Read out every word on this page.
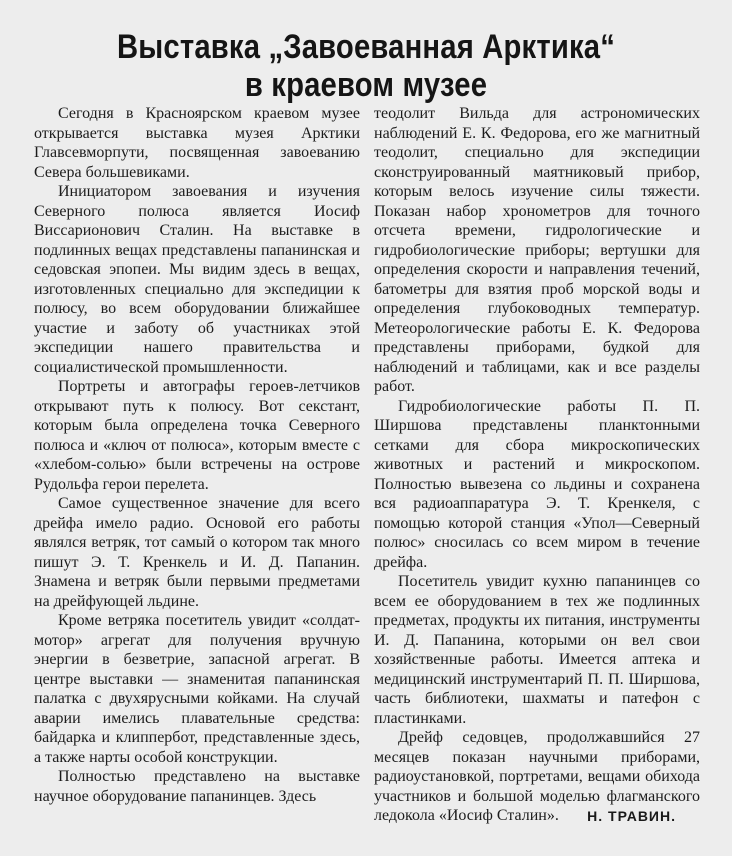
Выставка „Завоеванная Арктика“
в краевом музее

Сегодня в Красноярском краевом музее открывается выставка музея Арктики Главсевморпути, посвященная завоеванию Севера большевиками.

Инициатором завоевания и изучения Северного полюса является Иосиф Виссарионович Сталин. На выставке в подлинных вещах представлены папанинская и седовская эпопеи. Мы видим здесь в вещах, изготовленных специально для экспедиции к полюсу, во всем оборудовании ближайшее участие и заботу об участниках этой экспедиции нашего правительства и социалистической промышленности.

Портреты и автографы героев-летчиков открывают путь к полюсу. Вот секстант, которым была определена точка Северного полюса и «ключ от полюса», которым вместе с «хлебом-солью» были встречены на острове Рудольфа герои перелета.

Самое существенное значение для всего дрейфа имело радио. Основой его работы являлся ветряк, тот самый о котором так много пишут Э. Т. Кренкель и И. Д. Папанин. Знамена и ветряк были первыми предметами на дрейфующей льдине.

Кроме ветряка посетитель увидит «солдат-мотор» агрегат для получения вручную энергии в безветрие, запасной агрегат. В центре выставки — знаменитая папанинская палатка с двухярусными койками. На случай аварии имелись плавательные средства: байдарка и клиппербот, представленные здесь, а также нарты особой конструкции.

Полностью представлено на выставке научное оборудование папанинцев. Здесь

теодолит Вильда для астрономических наблюдений Е. К. Федорова, его же магнитный теодолит, специально для экспедиции сконструированный маятниковый прибор, которым велось изучение силы тяжести. Показан набор хронометров для точного отсчета времени, гидрологические и гидробиологические приборы; вертушки для определения скорости и направления течений, батометры для взятия проб морской воды и определения глубоководных температур. Метеорологические работы Е. К. Федорова представлены приборами, будкой для наблюдений и таблицами, как и все разделы работ.

Гидробиологические работы П. П. Ширшова представлены планктонными сетками для сбора микроскопических животных и растений и микроскопом. Полностью вывезена со льдины и сохранена вся радиоаппаратура Э. Т. Кренкеля, с помощью которой станция «Упол—Северный полюс» сносилась со всем миром в течение дрейфа.

Посетитель увидит кухню папанинцев со всем ее оборудованием в тех же подлинных предметах, продукты их питания, инструменты И. Д. Папанина, которыми он вел свои хозяйственные работы. Имеется аптека и медицинский инструментарий П. П. Ширшова, часть библиотеки, шахматы и патефон с пластинками.

Дрейф седовцев, продолжавшийся 27 месяцев показан научными приборами, радиоустановкой, портретами, вещами обихода участников и большой моделью флагманского ледокола «Иосиф Сталин».	Н. ТРАВИН.
